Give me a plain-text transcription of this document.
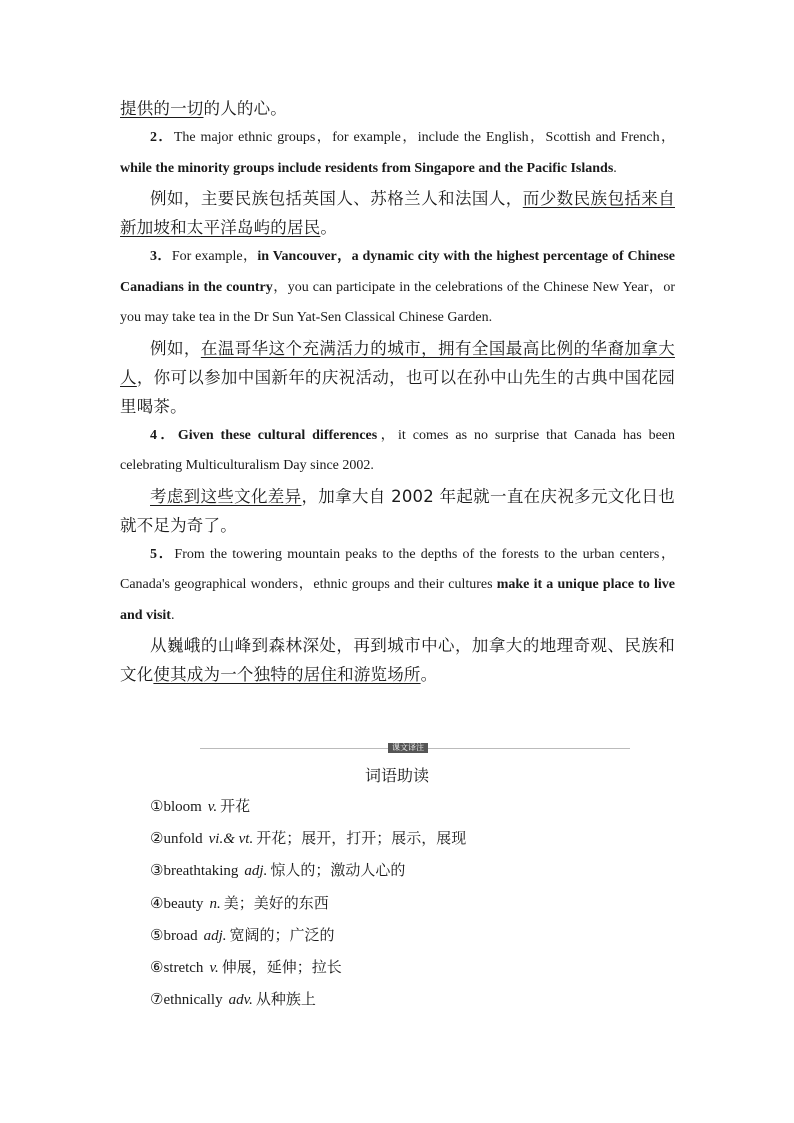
提供的一切的人的心。
2．The major ethnic groups，for example，include the English，Scottish and French，while the minority groups include residents from Singapore and the Pacific Islands.
例如，主要民族包括英国人、苏格兰人和法国人，而少数民族包括来自新加坡和太平洋岛屿的居民。
3．For example，in Vancouver，a dynamic city with the highest percentage of Chinese Canadians in the country，you can participate in the celebrations of the Chinese New Year，or you may take tea in the Dr Sun Yat-Sen Classical Chinese Garden.
例如，在温哥华这个充满活力的城市，拥有全国最高比例的华裔加拿大人，你可以参加中国新年的庆祝活动，也可以在孙中山先生的古典中国花园里喝茶。
4．Given these cultural differences，it comes as no surprise that Canada has been celebrating Multiculturalism Day since 2002.
考虑到这些文化差异，加拿大自 2002 年起就一直在庆祝多元文化日也就不足为奇了。
5．From the towering mountain peaks to the depths of the forests to the urban centers，Canada's geographical wonders，ethnic groups and their cultures make it a unique place to live and visit.
从巍峨的山峰到森林深处，再到城市中心，加拿大的地理奇观、民族和文化使其成为一个独特的居住和游览场所。
课文译注
词语助读
①bloom v. 开花
②unfold vi.& vt. 开花；展开，打开；展示，展现
③breathtaking adj. 惊人的；激动人心的
④beauty n. 美；美好的东西
⑤broad adj. 宽阔的；广泛的
⑥stretch v. 伸展，延伸；拉长
⑦ethnically adv. 从种族上
